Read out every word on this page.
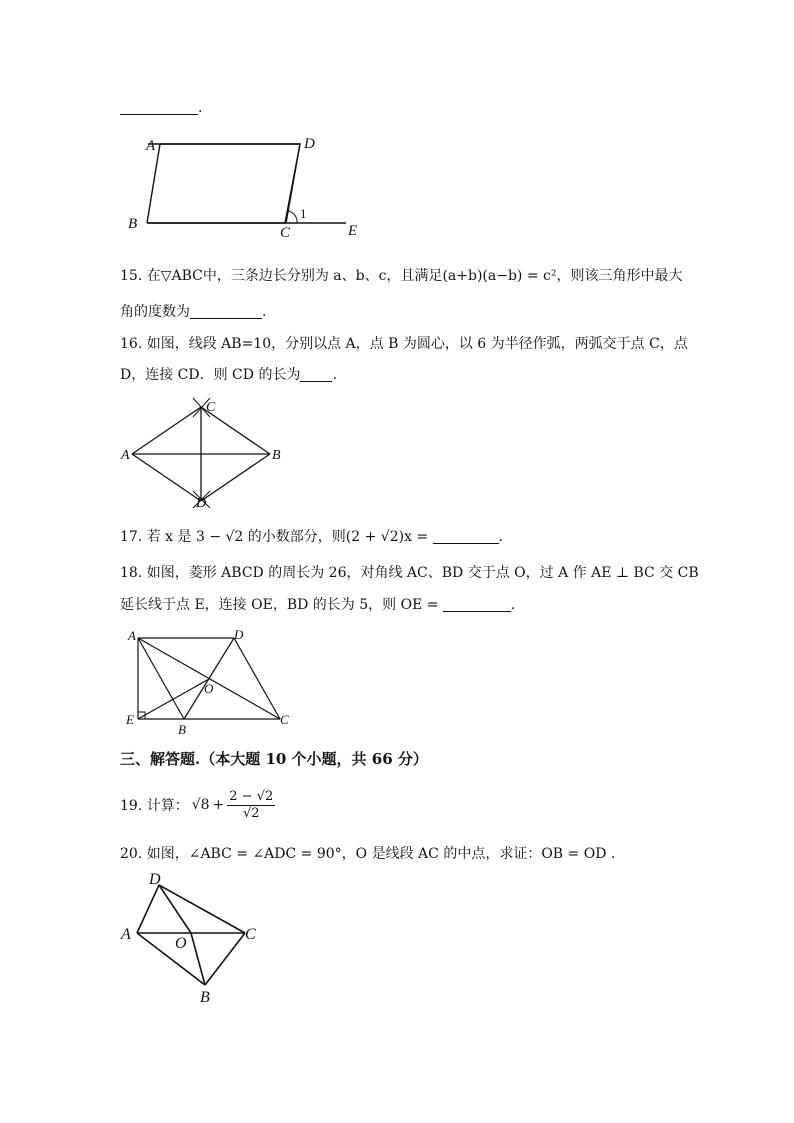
.
A	D
B
C	E
1
15. 在▽ABC中，三条边长分别为 a、b、c，且满足(a+b)(a−b) = c²，则该三角形中最大
角的度数为	.
16. 如图，线段 AB=10，分别以点 A，点 B 为圆心，以 6 为半径作弧，两弧交于点 C，点
D，连接 CD．则 CD 的长为 .
C
A	B
D
17. 若 x 是 3 − √2 的小数部分，则(2 + √2)x =	.
18. 如图，菱形 ABCD 的周长为 26，对角线 AC、BD 交于点 O，过 A 作 AE ⊥ BC 交 CB
延长线于点 E，连接 OE，BD 的长为 5，则 OE =	.
A	D
O
E
B
C
三、解答题.（本大题 10 个小题，共 66 分）
19. 计算： $√8 + \frac{2 - √2}{√2}$
20. 如图，∠ABC = ∠ADC = 90°，O 是线段 AC 的中点，求证：OB = OD .
D
A
O
C
B
